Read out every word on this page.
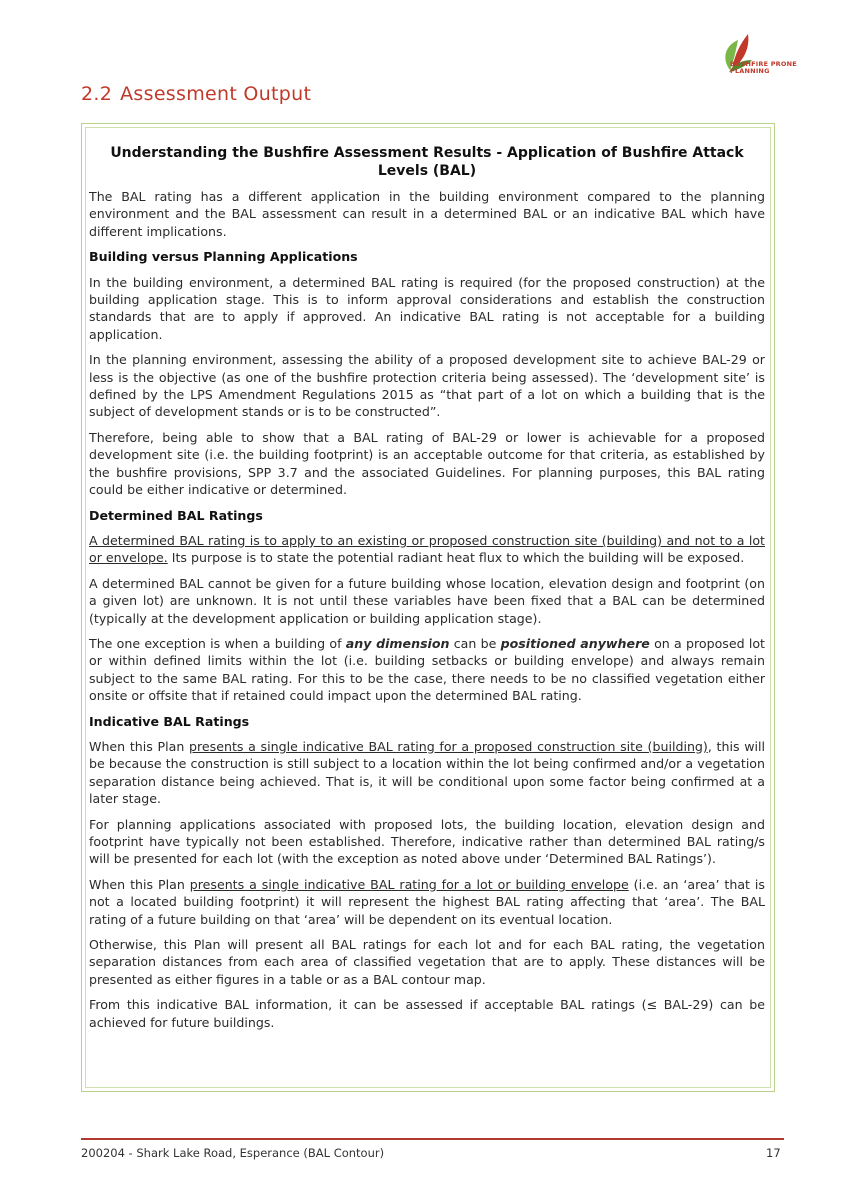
BUSHFIRE PRONE
PLANNING
2.2 Assessment Output

Understanding the Bushfire Assessment Results - Application of Bushfire Attack Levels (BAL)

The BAL rating has a different application in the building environment compared to the planning environment and the BAL assessment can result in a determined BAL or an indicative BAL which have different implications.

Building versus Planning Applications

In the building environment, a determined BAL rating is required (for the proposed construction) at the building application stage. This is to inform approval considerations and establish the construction standards that are to apply if approved. An indicative BAL rating is not acceptable for a building application.

In the planning environment, assessing the ability of a proposed development site to achieve BAL-29 or less is the objective (as one of the bushfire protection criteria being assessed). The ‘development site’ is defined by the LPS Amendment Regulations 2015 as “that part of a lot on which a building that is the subject of development stands or is to be constructed”.

Therefore, being able to show that a BAL rating of BAL-29 or lower is achievable for a proposed development site (i.e. the building footprint) is an acceptable outcome for that criteria, as established by the bushfire provisions, SPP 3.7 and the associated Guidelines. For planning purposes, this BAL rating could be either indicative or determined.

Determined BAL Ratings

A determined BAL rating is to apply to an existing or proposed construction site (building) and not to a lot or envelope. Its purpose is to state the potential radiant heat flux to which the building will be exposed.

A determined BAL cannot be given for a future building whose location, elevation design and footprint (on a given lot) are unknown. It is not until these variables have been fixed that a BAL can be determined (typically at the development application or building application stage).

The one exception is when a building of any dimension can be positioned anywhere on a proposed lot or within defined limits within the lot (i.e. building setbacks or building envelope) and always remain subject to the same BAL rating. For this to be the case, there needs to be no classified vegetation either onsite or offsite that if retained could impact upon the determined BAL rating.

Indicative BAL Ratings

When this Plan presents a single indicative BAL rating for a proposed construction site (building), this will be because the construction is still subject to a location within the lot being confirmed and/or a vegetation separation distance being achieved. That is, it will be conditional upon some factor being confirmed at a later stage.

For planning applications associated with proposed lots, the building location, elevation design and footprint have typically not been established. Therefore, indicative rather than determined BAL rating/s will be presented for each lot (with the exception as noted above under ‘Determined BAL Ratings’).

When this Plan presents a single indicative BAL rating for a lot or building envelope (i.e. an ‘area’ that is not a located building footprint) it will represent the highest BAL rating affecting that ‘area’. The BAL rating of a future building on that ‘area’ will be dependent on its eventual location.

Otherwise, this Plan will present all BAL ratings for each lot and for each BAL rating, the vegetation separation distances from each area of classified vegetation that are to apply. These distances will be presented as either figures in a table or as a BAL contour map.

From this indicative BAL information, it can be assessed if acceptable BAL ratings (≤ BAL-29) can be achieved for future buildings.

200204 - Shark Lake Road, Esperance (BAL Contour)	17
